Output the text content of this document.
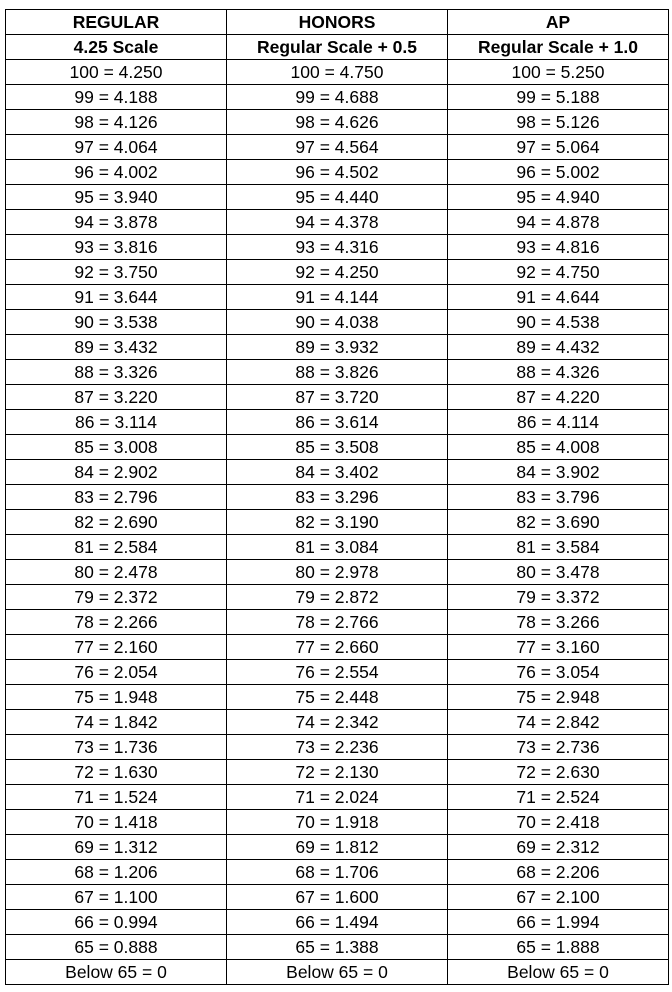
REGULAR	HONORS	AP
4.25 Scale	Regular Scale + 0.5	Regular Scale + 1.0
100 = 4.250	100 = 4.750	100 = 5.250
99 = 4.188	99 = 4.688	99 = 5.188
98 = 4.126	98 = 4.626	98 = 5.126
97 = 4.064	97 = 4.564	97 = 5.064
96 = 4.002	96 = 4.502	96 = 5.002
95 = 3.940	95 = 4.440	95 = 4.940
94 = 3.878	94 = 4.378	94 = 4.878
93 = 3.816	93 = 4.316	93 = 4.816
92 = 3.750	92 = 4.250	92 = 4.750
91 = 3.644	91 = 4.144	91 = 4.644
90 = 3.538	90 = 4.038	90 = 4.538
89 = 3.432	89 = 3.932	89 = 4.432
88 = 3.326	88 = 3.826	88 = 4.326
87 = 3.220	87 = 3.720	87 = 4.220
86 = 3.114	86 = 3.614	86 = 4.114
85 = 3.008	85 = 3.508	85 = 4.008
84 = 2.902	84 = 3.402	84 = 3.902
83 = 2.796	83 = 3.296	83 = 3.796
82 = 2.690	82 = 3.190	82 = 3.690
81 = 2.584	81 = 3.084	81 = 3.584
80 = 2.478	80 = 2.978	80 = 3.478
79 = 2.372	79 = 2.872	79 = 3.372
78 = 2.266	78 = 2.766	78 = 3.266
77 = 2.160	77 = 2.660	77 = 3.160
76 = 2.054	76 = 2.554	76 = 3.054
75 = 1.948	75 = 2.448	75 = 2.948
74 = 1.842	74 = 2.342	74 = 2.842
73 = 1.736	73 = 2.236	73 = 2.736
72 = 1.630	72 = 2.130	72 = 2.630
71 = 1.524	71 = 2.024	71 = 2.524
70 = 1.418	70 = 1.918	70 = 2.418
69 = 1.312	69 = 1.812	69 = 2.312
68 = 1.206	68 = 1.706	68 = 2.206
67 = 1.100	67 = 1.600	67 = 2.100
66 = 0.994	66 = 1.494	66 = 1.994
65 = 0.888	65 = 1.388	65 = 1.888
Below 65 = 0	Below 65 = 0	Below 65 = 0
